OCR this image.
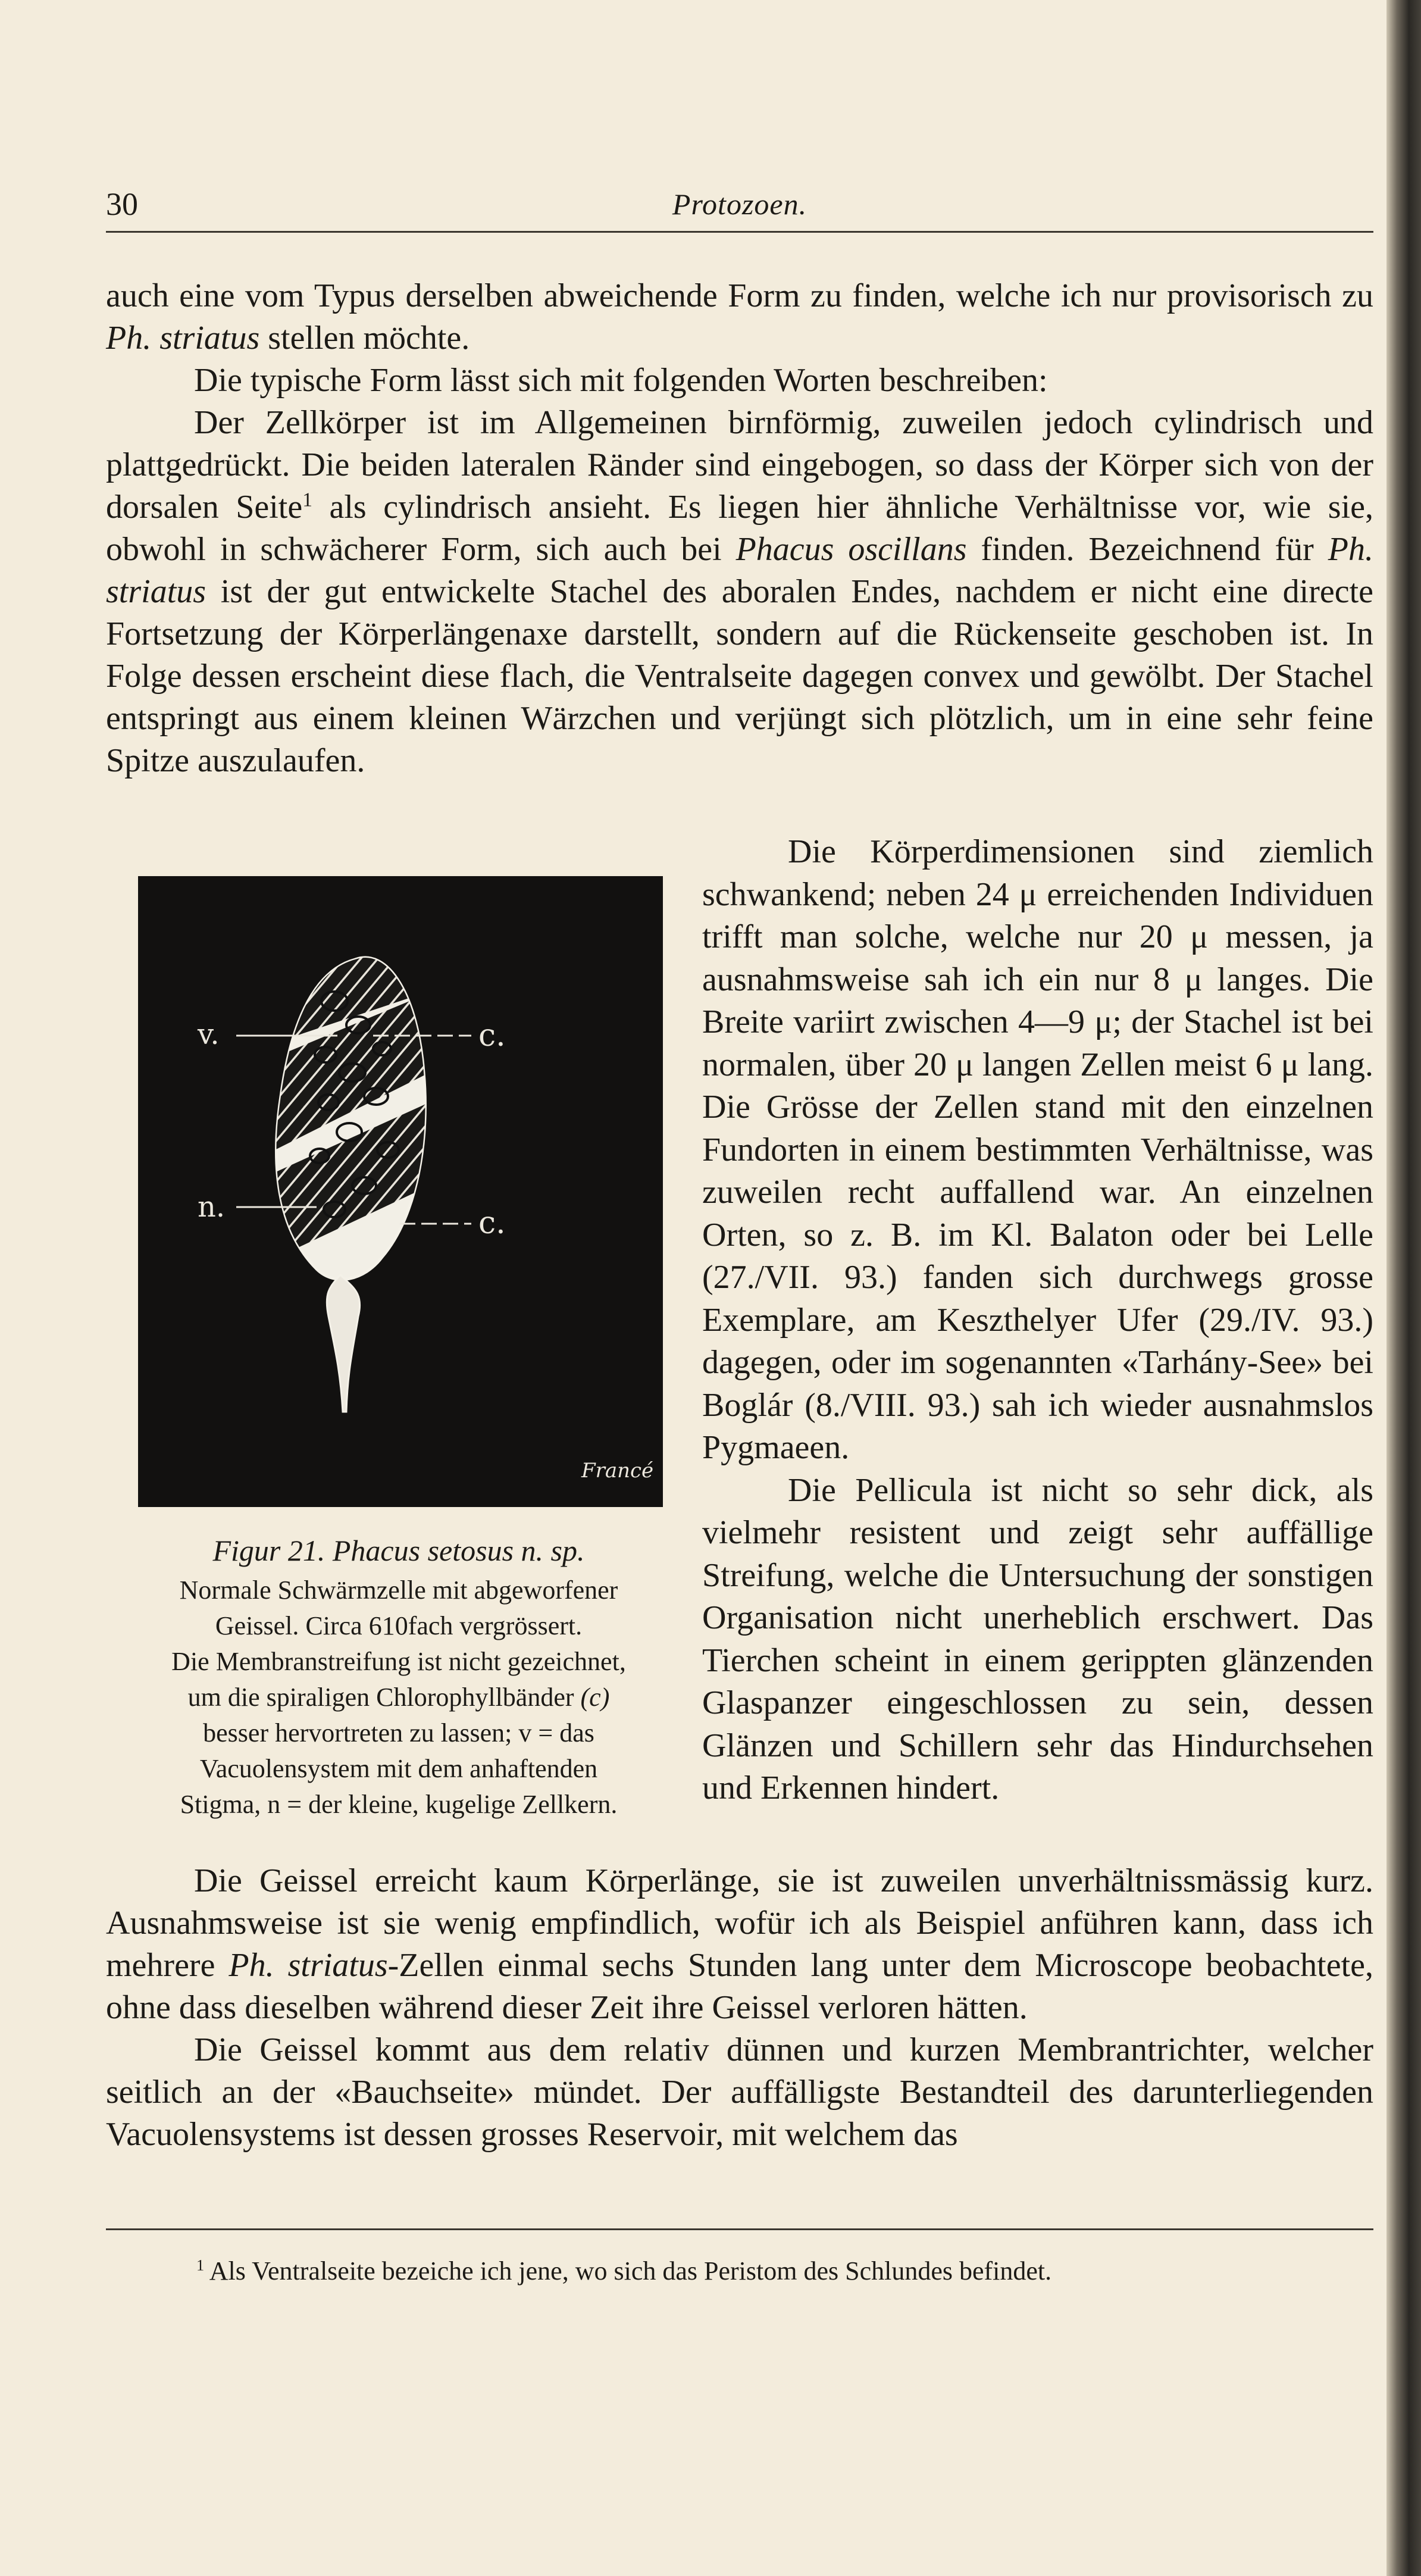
30	Protozoen.

auch eine vom Typus derselben abweichende Form zu finden, welche ich nur provisorisch zu Ph. striatus stellen möchte.

Die typische Form lässt sich mit folgenden Worten beschreiben:

Der Zellkörper ist im Allgemeinen birnförmig, zuweilen jedoch cylindrisch und plattgedrückt. Die beiden lateralen Ränder sind eingebogen, so dass der Körper sich von der dorsalen Seite$^1$ als cylindrisch ansieht. Es liegen hier ähnliche Verhältnisse vor, wie sie, obwohl in schwächerer Form, sich auch bei Phacus oscillans finden. Bezeichnend für Ph. striatus ist der gut entwickelte Stachel des aboralen Endes, nachdem er nicht eine directe Fortsetzung der Körperlängenaxe darstellt, sondern auf die Rückenseite geschoben ist. In Folge dessen erscheint diese flach, die Ventralseite dagegen convex und gewölbt. Der Stachel entspringt aus einem kleinen Wärzchen und verjüngt sich plötzlich, um in eine sehr feine Spitze auszulaufen.

v.
n.
c.
c.
Francé
Figur 21. Phacus setosus n. sp.
Normale Schwärmzelle mit abgeworfener
Geissel. Circa 610fach vergrössert.
Die Membranstreifung ist nicht gezeichnet,
um die spiraligen Chlorophyllbänder (c)
besser hervortreten zu lassen; v = das
Vacuolensystem mit dem anhaftenden
Stigma, n = der kleine, kugelige Zellkern.

Die Körperdimensionen sind ziemlich schwankend; neben 24 μ erreichenden Individuen trifft man solche, welche nur 20 μ messen, ja ausnahmsweise sah ich ein nur 8 μ langes. Die Breite variirt zwischen 4—9 μ; der Stachel ist bei normalen, über 20 μ langen Zellen meist 6 μ lang. Die Grösse der Zellen stand mit den einzelnen Fundorten in einem bestimmten Verhältnisse, was zuweilen recht auffallend war. An einzelnen Orten, so z. B. im Kl. Balaton oder bei Lelle (27./VII. 93.) fanden sich durchwegs grosse Exemplare, am Keszthelyer Ufer (29./IV. 93.) dagegen, oder im sogenannten «Tarhány-See» bei Boglár (8./VIII. 93.) sah ich wieder ausnahmslos Pygmaeen.

Die Pellicula ist nicht so sehr dick, als vielmehr resistent und zeigt sehr auffällige Streifung, welche die Untersuchung der sonstigen Organisation nicht unerheblich erschwert. Das Tierchen scheint in einem gerippten glänzenden Glaspanzer eingeschlossen zu sein, dessen Glänzen und Schillern sehr das Hindurchsehen und Erkennen hindert.

Die Geissel erreicht kaum Körperlänge, sie ist zuweilen unverhältnissmässig kurz. Ausnahmsweise ist sie wenig empfindlich, wofür ich als Beispiel anführen kann, dass ich mehrere Ph. striatus-Zellen einmal sechs Stunden lang unter dem Microscope beobachtete, ohne dass dieselben während dieser Zeit ihre Geissel verloren hätten.

Die Geissel kommt aus dem relativ dünnen und kurzen Membrantrichter, welcher seitlich an der «Bauchseite» mündet. Der auffälligste Bestandteil des darunterliegenden Vacuolensystems ist dessen grosses Reservoir, mit welchem das

$^1$ Als Ventralseite bezeiche ich jene, wo sich das Peristom des Schlundes befindet.
